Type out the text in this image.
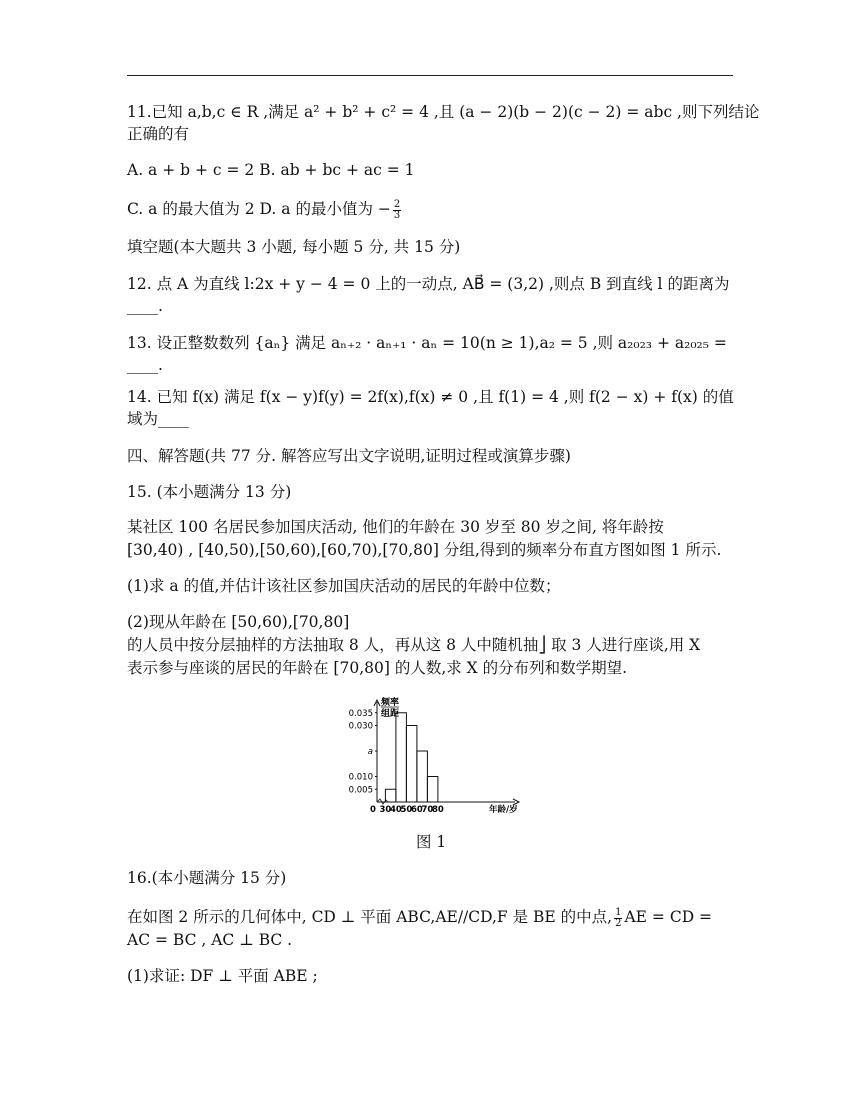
11.已知 a,b,c ∈ R ,满足 a² + b² + c² = 4 ,且 (a − 2)(b − 2)(c − 2) = abc ,则下列结论
正确的有
A. a + b + c = 2 B. ab + bc + ac = 1
C. a 的最大值为 2 D. a 的最小值为 − $\frac{2}{3}$
填空题(本大题共 3 小题, 每小题 5 分, 共 15 分)
12. 点 A 为直线 l:2x + y − 4 = 0 上的一动点, AB⃗ = (3,2) ,则点 B 到直线 l 的距离为
____.
13. 设正整数数列 {aₙ} 满足 aₙ₊₂ · aₙ₊₁ · aₙ = 10(n ≥ 1),a₂ = 5 ,则 a₂₀₂₃ + a₂₀₂₅ =
____.
14. 已知 f(x) 满足 f(x − y)f(y) = 2f(x),f(x) ≠ 0 ,且 f(1) = 4 ,则 f(2 − x) + f(x) 的值
域为____
四、解答题(共 77 分. 解答应写出文字说明,证明过程或演算步骤)
15. (本小题满分 13 分)
某社区 100 名居民参加国庆活动, 他们的年龄在 30 岁至 80 岁之间, 将年龄按
[30,40) , [40,50),[50,60),[60,70),[70,80] 分组,得到的频率分布直方图如图 1 所示.
(1)求 a 的值,并估计该社区参加国庆活动的居民的年龄中位数；
(2)现从年龄在 [50,60),[70,80]
的人员中按分层抽样的方法抽取 8 人，再从这 8 人中随机抽⎦ 取 3 人进行座谈,用 X
表示参与座谈的居民的年龄在 [70,80] 的人数,求 X 的分布列和数学期望.
频率
组距
0.035
0.030
a
0.010
0.005
0 30
40
50
60
70
80	年龄/岁
图 1
16.(本小题满分 15 分)
在如图 2 所示的几何体中, CD ⊥ 平面 ABC,AE//CD,F 是 BE 的中点, $\frac{1}{2}$ AE = CD =
AC = BC , AC ⊥ BC .
(1)求证: DF ⊥ 平面 ABE ;
